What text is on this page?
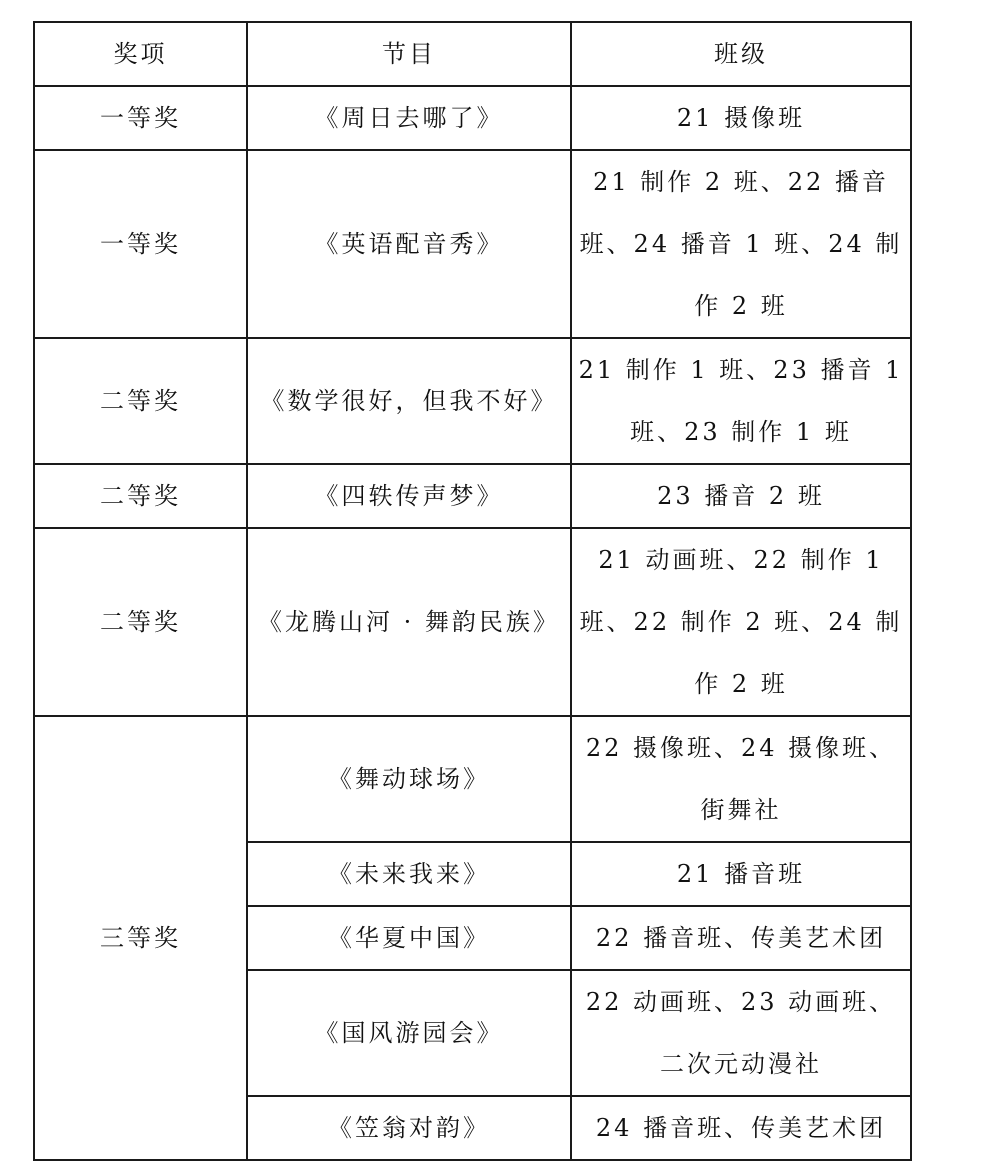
奖项	节目	班级
一等奖	《周日去哪了》	21 摄像班
一等奖	《英语配音秀》	21 制作 2 班、22 播音班、24 播音 1 班、24 制作 2 班
二等奖	《数学很好，但我不好》	21 制作 1 班、23 播音 1 班、23 制作 1 班
二等奖	《四轶传声梦》	23 播音 2 班
二等奖	《龙腾山河 · 舞韵民族》	21 动画班、22 制作 1 班、22 制作 2 班、24 制作 2 班
三等奖	《舞动球场》	22 摄像班、24 摄像班、街舞社
	《未来我来》	21 播音班
	《华夏中国》	22 播音班、传美艺术团
	《国风游园会》	22 动画班、23 动画班、二次元动漫社
	《笠翁对韵》	24 播音班、传美艺术团
